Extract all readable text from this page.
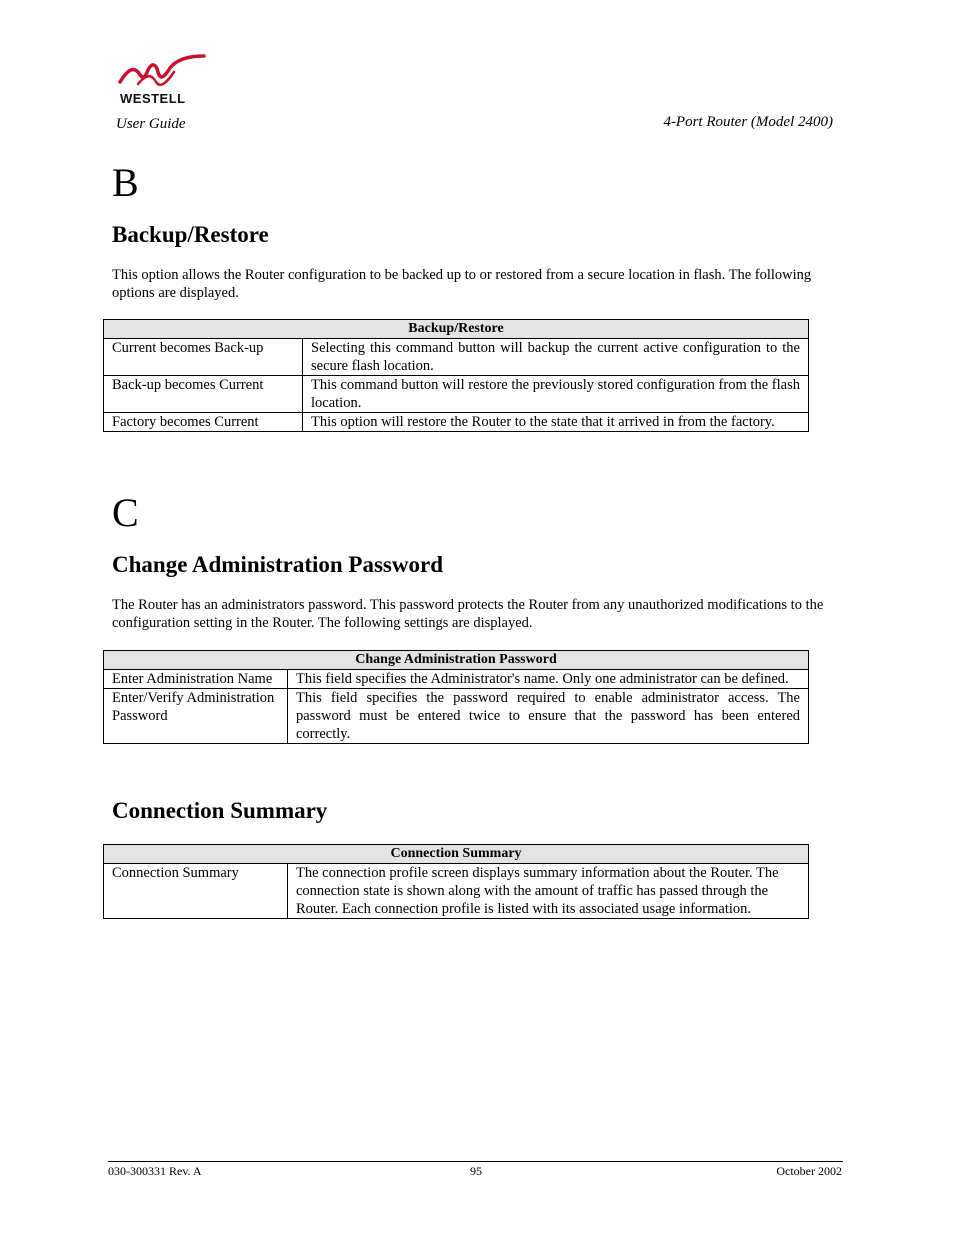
WESTELL
User Guide	4-Port Router (Model 2400)
B
Backup/Restore

This option allows the Router configuration to be backed up to or restored from a secure location in flash. The following options are displayed.

Backup/Restore	
Current becomes Back-up	Selecting this command button will backup the current active configuration to the secure flash location.
Back-up becomes Current	This command button will restore the previously stored configuration from the flash location.
Factory becomes Current	This option will restore the Router to the state that it arrived in from the factory.
C
Change Administration Password

The Router has an administrators password. This password protects the Router from any unauthorized modifications to the configuration setting in the Router. The following settings are displayed.

Change Administration Password	
Enter Administration Name	This field specifies the Administrator's name. Only one administrator can be defined.
Enter/Verify Administration Password	This field specifies the password required to enable administrator access. The password must be entered twice to ensure that the password has been entered correctly.
Connection Summary
Connection Summary
Connection Summary	The connection profile screen displays summary information about the Router. The connection state is shown along with the amount of traffic has passed through the Router. Each connection profile is listed with its associated usage information.
030-300331 Rev. A	95	October 2002
